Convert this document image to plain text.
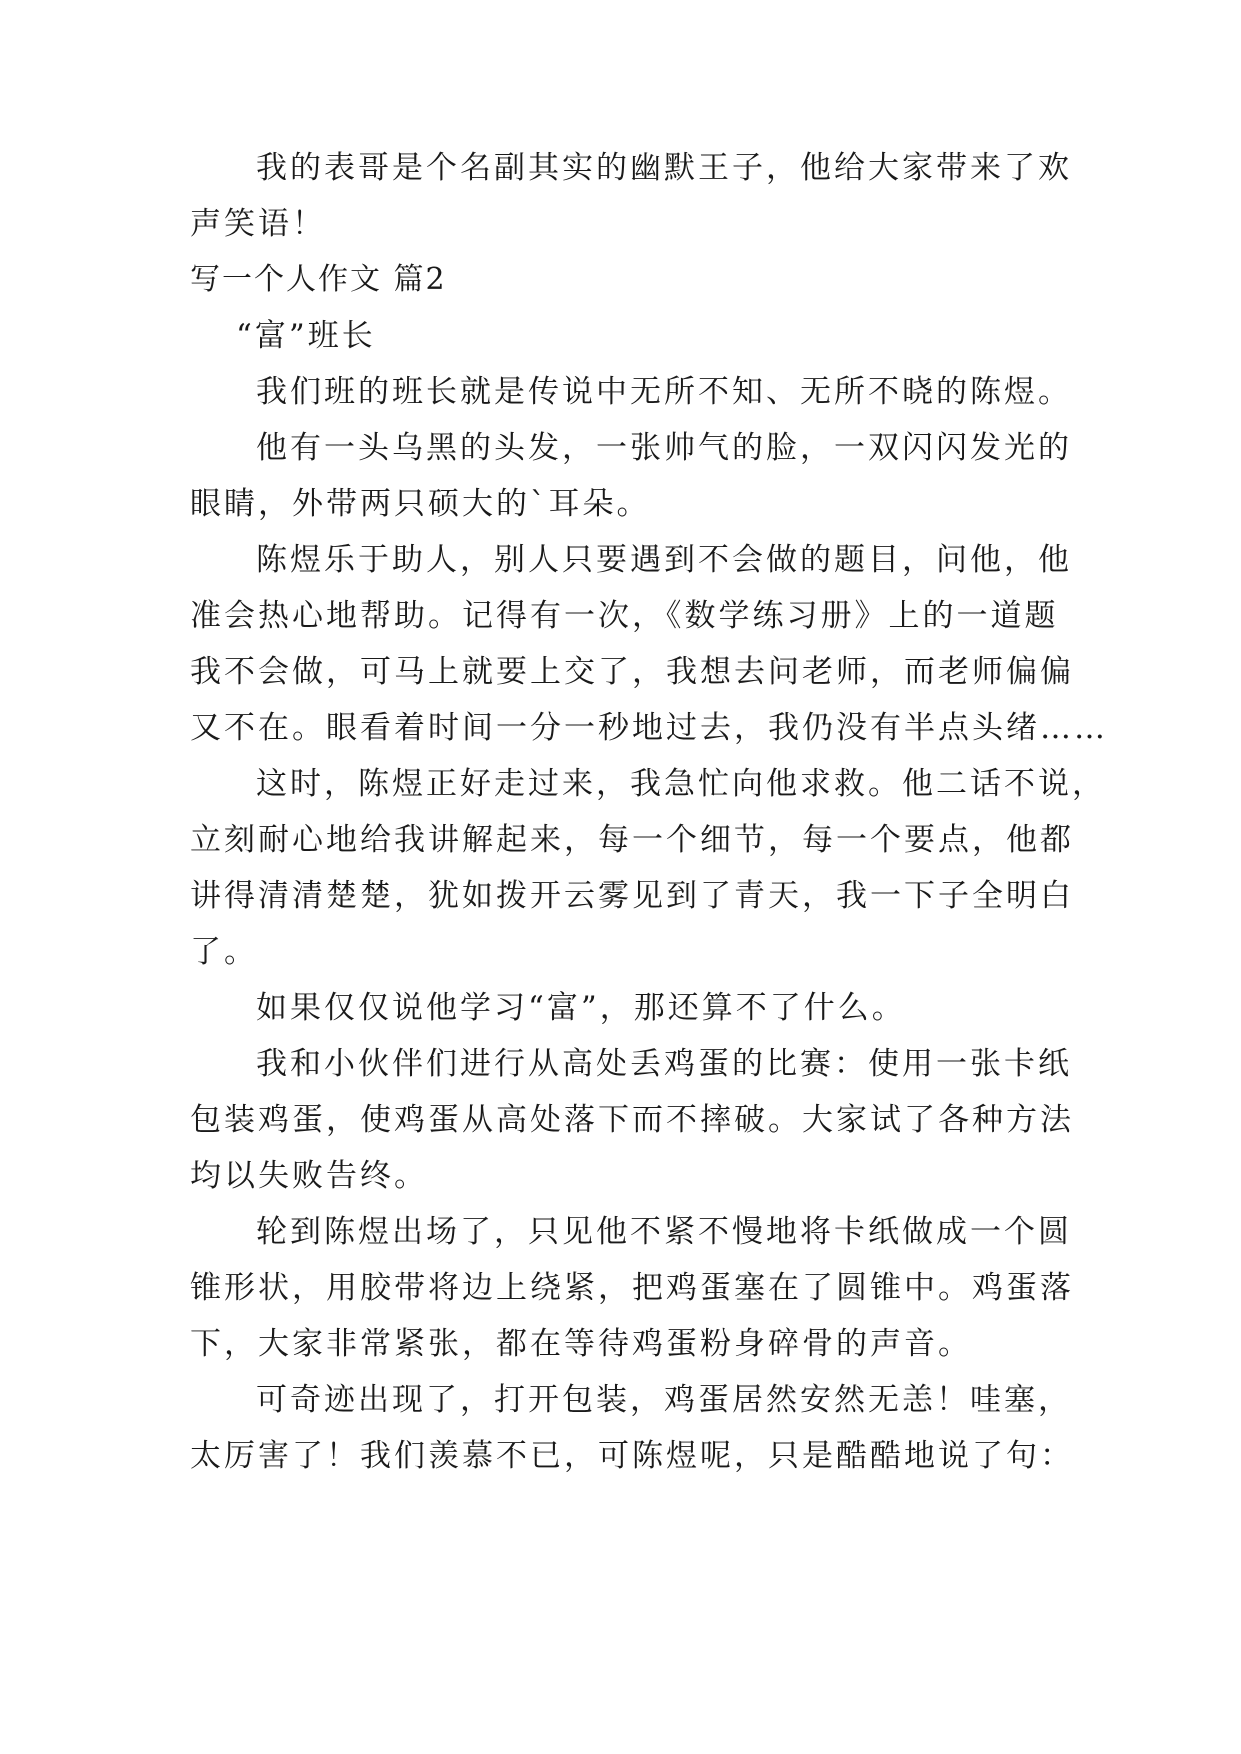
我的表哥是个名副其实的幽默王子，他给大家带来了欢
声笑语！
写一个人作文 篇2
“富”班长
我们班的班长就是传说中无所不知、无所不晓的陈煜。
他有一头乌黑的头发，一张帅气的脸，一双闪闪发光的
眼睛，外带两只硕大的`耳朵。
陈煜乐于助人，别人只要遇到不会做的题目，问他，他
准会热心地帮助。记得有一次，《数学练习册》上的一道题
我不会做，可马上就要上交了，我想去问老师，而老师偏偏
又不在。眼看着时间一分一秒地过去，我仍没有半点头绪……
这时，陈煜正好走过来，我急忙向他求救。他二话不说，
立刻耐心地给我讲解起来，每一个细节，每一个要点，他都
讲得清清楚楚，犹如拨开云雾见到了青天，我一下子全明白
了。
如果仅仅说他学习“富”，那还算不了什么。
我和小伙伴们进行从高处丢鸡蛋的比赛：使用一张卡纸
包装鸡蛋，使鸡蛋从高处落下而不摔破。大家试了各种方法
均以失败告终。
轮到陈煜出场了，只见他不紧不慢地将卡纸做成一个圆
锥形状，用胶带将边上绕紧，把鸡蛋塞在了圆锥中。鸡蛋落
下，大家非常紧张，都在等待鸡蛋粉身碎骨的声音。
可奇迹出现了，打开包装，鸡蛋居然安然无恙！哇塞，
太厉害了！我们羡慕不已，可陈煜呢，只是酷酷地说了句：
